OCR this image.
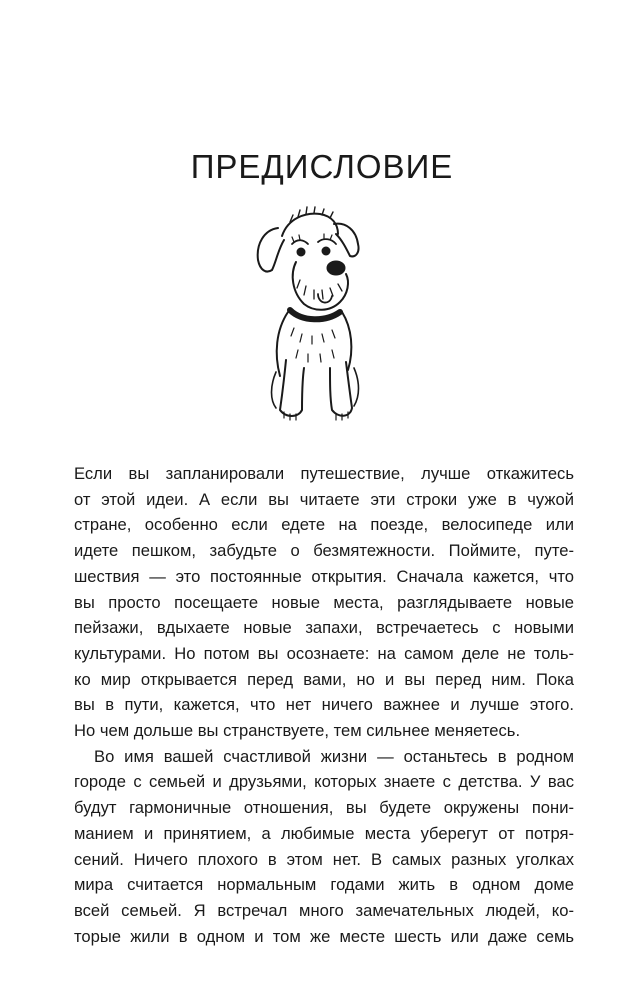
ПРЕДИСЛОВИЕ
Если вы запланировали путешествие, лучше откажитесь
от этой идеи. А если вы читаете эти строки уже в чужой
стране, особенно если едете на поезде, велосипеде или
идете пешком, забудьте о безмятежности. Поймите, путе-
шествия — это постоянные открытия. Сначала кажется, что
вы просто посещаете новые места, разглядываете новые
пейзажи, вдыхаете новые запахи, встречаетесь с новыми
культурами. Но потом вы осознаете: на самом деле не толь-
ко мир открывается перед вами, но и вы перед ним. Пока
вы в пути, кажется, что нет ничего важнее и лучше этого.
Но чем дольше вы странствуете, тем сильнее меняетесь.
Во имя вашей счастливой жизни — останьтесь в родном
городе с семьей и друзьями, которых знаете с детства. У вас
будут гармоничные отношения, вы будете окружены пони-
манием и принятием, а любимые места уберегут от потря-
сений. Ничего плохого в этом нет. В самых разных уголках
мира считается нормальным годами жить в одном доме
всей семьей. Я встречал много замечательных людей, ко-
торые жили в одном и том же месте шесть или даже семь
